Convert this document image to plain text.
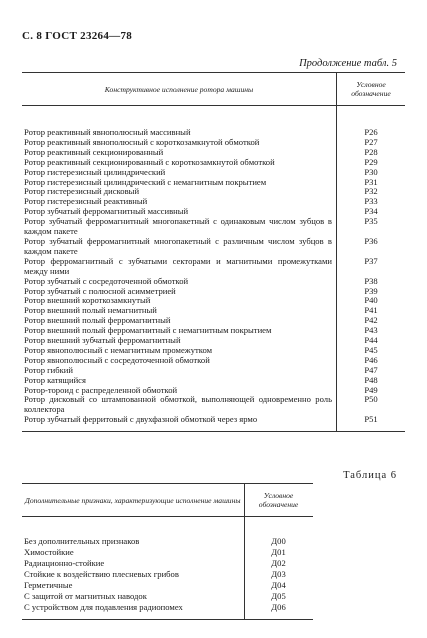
С. 8 ГОСТ 23264—78
Продолжение табл. 5
Конструктивное исполнение ротора машины	Условное обозначение

Ротор реактивный явнополюсный массивный	Р26
Ротор реактивный явнополюсный с короткозамкнутой обмоткой	Р27
Ротор реактивный секционированный	Р28
Ротор реактивный секционированный с короткозамкнутой обмоткой	Р29
Ротор гистерезисный цилиндрический	Р30
Ротор гистерезисный цилиндрический с немагнитным покрытием	Р31
Ротор гистерезисный дисковый	Р32
Ротор гистерезисный реактивный	Р33
Ротор зубчатый ферромагнитный массивный	Р34
Ротор зубчатый ферромагнитный многопакетный с одинаковым числом зубцов в каждом пакете	Р35
Ротор зубчатый ферромагнитный многопакетный с различным числом зубцов в каждом пакете	Р36
Ротор ферромагнитный с зубчатыми секторами и магнитными промежутками между ними	Р37
Ротор зубчатый с сосредоточенной обмоткой	Р38
Ротор зубчатый с полюсной асимметрией	Р39
Ротор внешний короткозамкнутый	Р40
Ротор внешний полый немагнитный	Р41
Ротор внешний полый ферромагнитный	Р42
Ротор внешний полый ферромагнитный с немагнитным покрытием	Р43
Ротор внешний зубчатый ферромагнитный	Р44
Ротор явнополюсный с немагнитным промежутком	Р45
Ротор явнополюсный с сосредоточенной обмоткой	Р46
Ротор гибкий	Р47
Ротор катящийся	Р48
Ротор-тороид с распределенной обмоткой	Р49
Ротор дисковый со штампованной обмоткой, выполняющей одновременно роль коллектора	Р50
Ротор зубчатый ферритовый с двухфазной обмоткой через ярмо	Р51
Таблица 6
Дополнительные признаки, характеризующие исполнение машины	Условное обозначение

Без дополнительных признаков	Д00
Химостойкие	Д01
Радиационно-стойкие	Д02
Стойкие к воздействию плесневых грибов	Д03
Герметичные	Д04
С защитой от магнитных наводок	Д05
С устройством для подавления радиопомех	Д06
